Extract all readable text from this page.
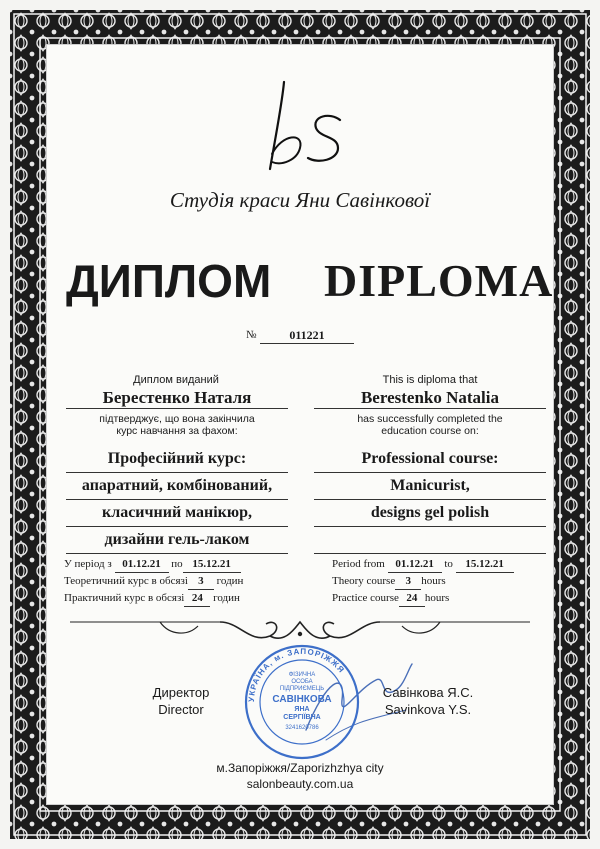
Студія краси Яни Савінкової
ДИПЛОМ DIPLOMA
№	011221
Диплом виданий
Берестенко Наталя
підтверджує, що вона закінчила
курс навчання за фахом:
Професійний курс:
апаратний, комбінований,
класичний манікюр,
дизайни гель-лаком
У період з 01.12.21 по 15.12.21
Теоретичний курс в обсязі 3 годин
Практичний курс в обсязі 24 годин
This is diploma that
Berestenko Natalia
has successfully completed the
education course on:
Professional course:
Manicurist,
designs gel polish
Period from 01.12.21 to 15.12.21
Theory course 3 hours
Practice course 24 hours
Директор
Director
УКРАЇНА, м. ЗАПОРІЖЖЯ
ФІЗИЧНА
ОСОБА
ПІДПРИЄМЕЦЬ
САВІНКОВА
ЯНА
СЕРГІЇВНА
3241620786
Савінкова Я.С.
Savinkova Y.S.
м.Запоріжжя/Zaporizhzhya city
salonbeauty.com.ua
